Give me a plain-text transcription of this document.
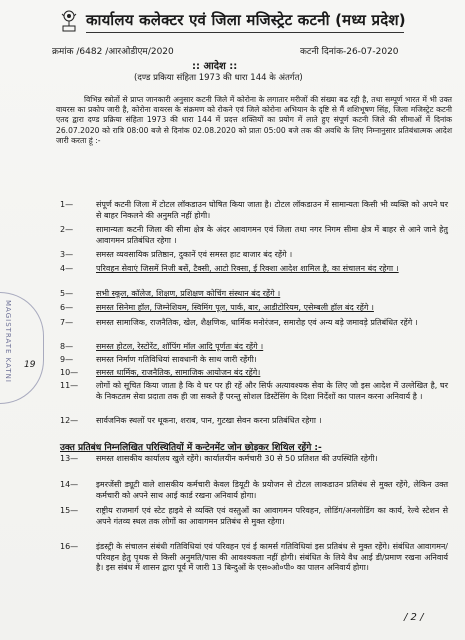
कार्यालय कलेक्टर एवं जिला मजिस्ट्रेट कटनी (मध्य प्रदेश)
क्रमांक /6482 /आरओडीएम/2020	कटनी दिनांक-26-07-2020
:: आदेश ::
(दण्ड प्रकिया संहिता 1973 की धारा 144 के अंतर्गत)
विभिन्न स्त्रोतों से प्राप्त जानकारी अनुसार कटनी जिले में कोरोना के लगातार मरीजों की संख्या बढ रही है, तथा सम्पूर्ण भारत में भी उक्त वायरस का प्रकोप जारी है, कोरोना वायरस के संक्रमण को रोकने एवं जिले कोरोना अभियान के दृष्टि से मैं शशिभूषण सिंह, जिला मजिस्ट्रेट कटनी एतद द्वारा दण्ड प्रक्रिया संहिता 1973 की धारा 144 में प्रदत्त शक्तियों का प्रयोग में लाते हुए संपूर्ण कटनी जिले की सीमाओं में दिनांक 26.07.2020 को रात्रि 08:00 बजे से दिनांक 02.08.2020 को प्रातः 05:00 बजे तक की अवधि के लिए निम्नानुसार प्रतिबंधात्मक आदेश जारी करता हूं :-
1—	संपूर्ण कटनी जिला में टोटल लॉकडाउन घोषित किया जाता है। टोटल लॉकडाउन में सामान्यतः किसी भी व्यक्ति को अपने घर से बाहर निकलने की अनुमति नहीं होगी।
2—	सामान्यतः कटनी जिला की सीमा क्षेत्र के अंदर आवागमन एवं जिला तथा नगर निगम सीमा क्षेत्र में बाहर से आने जाने हेतु आवागमन प्रतिबंधित रहेगा ।
3—	समस्त व्यवसायिक प्रतिष्ठान, दुकानें एवं समस्त हाट बाजार बंद रहेंगे ।
4—	परिवहन सेवाएं जिसमें निजी बसें, टैक्सी, आटो रिक्सा, ई रिक्शा आदेश शामिल है, का संचालन बंद रहेगा ।
5—	सभी स्कूल, कॉलेज, शिक्षण, प्रशिक्षण कोचिंग संस्थान बंद रहेंगे ।
6—	समस्त सिनेमा हॉल, जिम्नेशियम, स्विमिंग पूल, पार्क, बार, आडीटोरियम, एसेम्बली हॉल बंद रहेंगे ।
7—	समस्त सामाजिक, राजनैतिक, खेल, शैक्षणिक, धार्मिक मनोरंजन, समारोह एवं अन्य बड़े जमावड़े प्रतिबंधित रहेंगे ।
8—	समस्त होटल, रेस्टोरेंट, शॉपिंग मॉल आदि पूर्णतः बंद रहेंगे ।
9—	समस्त निर्माण गतिविधियां सावधानी के साथ जारी रहेंगी।
10— समस्त धार्मिक, राजनैतिक, सामाजिक आयोजन बंद रहेंगे।
11— लोगों को सूचित किया जाता है कि वे घर पर ही रहें और सिर्फ अत्यावश्यक सेवा के लिए जो इस आदेश में उल्लेखित है, घर के निकटतम सेवा प्रदाता तक ही जा सकते हैं परन्तु सोशल डिस्टेंसिंग के दिशा निर्देशों का पालन करना अनिवार्य है ।
12— सार्वजनिक स्थलों पर थूकना, शराब, पान, गुटखा सेवन करना प्रतिबंधित रहेगा ।
उक्त प्रतिबंध निम्नलिखित परिस्थितियों में कन्टेनमेंट जोन छोड़कर शिथिल रहेंगे :-
13— समस्त शासकीय कार्यालय खुले रहेंगे। कार्यालयीन कर्मचारी 30 से 50 प्रतिशत की उपस्थिति रहेगी।
14— इमरजेंसी ड्यूटी वाले शासकीय कर्मचारी केवल डियूटी के प्रयोजन से टोटल लाकडाउन प्रतिबंध से मुक्त रहेंगे, लेकिन उक्त कर्मचारी को अपने साथ आई कार्ड रखना अनिवार्य होगा।
15— राष्ट्रीय राजमार्ग एवं स्टेट हाइवे से व्यक्ति एवं वस्तुओं का आवागमन परिवहन, लोडिंग/अनलोडिंग का कार्य, रेल्वे स्टेशन से अपने गंतव्य स्थल तक लोगों का आवागमन प्रतिबंध से मुक्त रहेगा।
16— इंडस्ट्री के संचालन संबंधी गतिविधियां एवं परिवहन एवं ई कामर्स गतिविधियां इस प्रतिबंध से मुक्त रहेंगे। संबंधित आवागमन/परिवहन हेतु पृथक से किसी अनुमति/पास की आवश्यकता नहीं होगी। संबंधित के लिये वैध आई डी/प्रमाण रखना अनिवार्य है। इस संबंध में शासन द्वारा पूर्व में जारी 13 बिन्दुओं के एस०ओ०पी० का पालन अनिवार्य होगा।
MAGISTRATE KATNI 19
/ 2 /
